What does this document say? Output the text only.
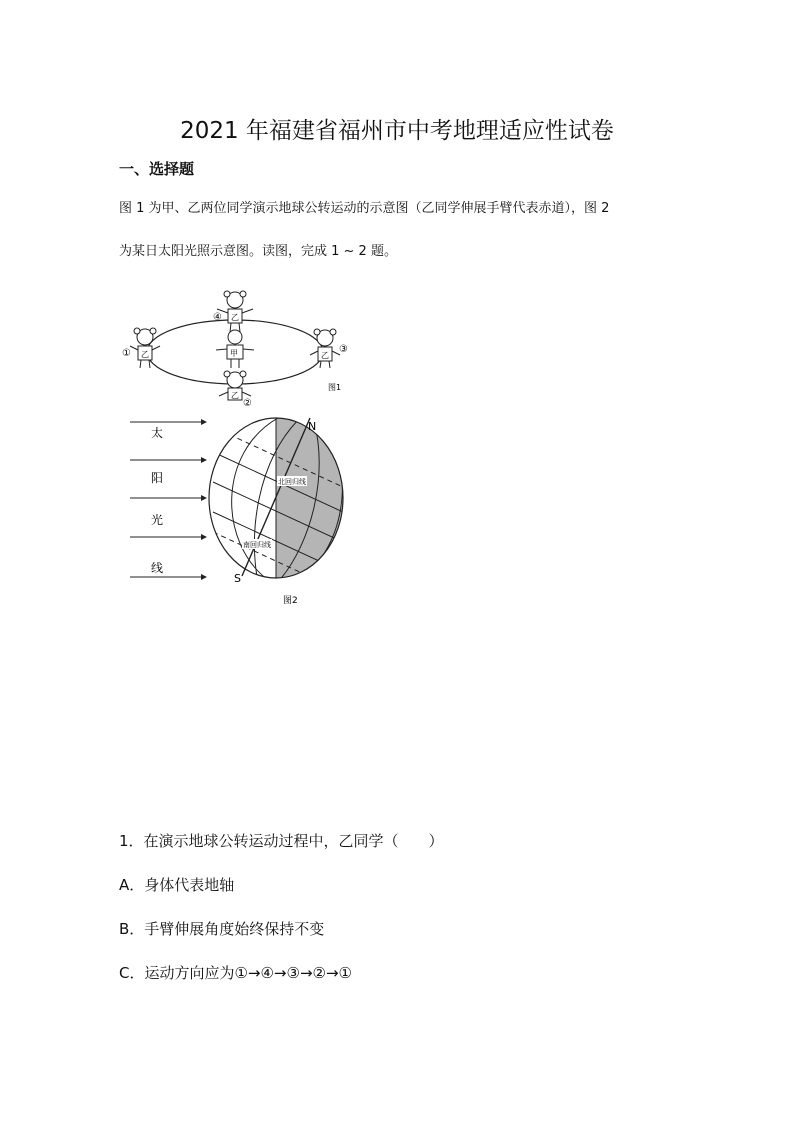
2021 年福建省福州市中考地理适应性试卷
一、选择题
图 1 为甲、乙两位同学演示地球公转运动的示意图（乙同学伸展手臂代表赤道），图 2
为某日太阳光照示意图。读图，完成 1 ~ 2 题。
乙
④
乙
①	甲	乙
③
乙
②
图1
太
阳
光
线
N
S
北回归线
南回归线
图2
1．在演示地球公转运动过程中，乙同学（　　）
A．身体代表地轴
B．手臂伸展角度始终保持不变
C．运动方向应为①→④→③→②→①
